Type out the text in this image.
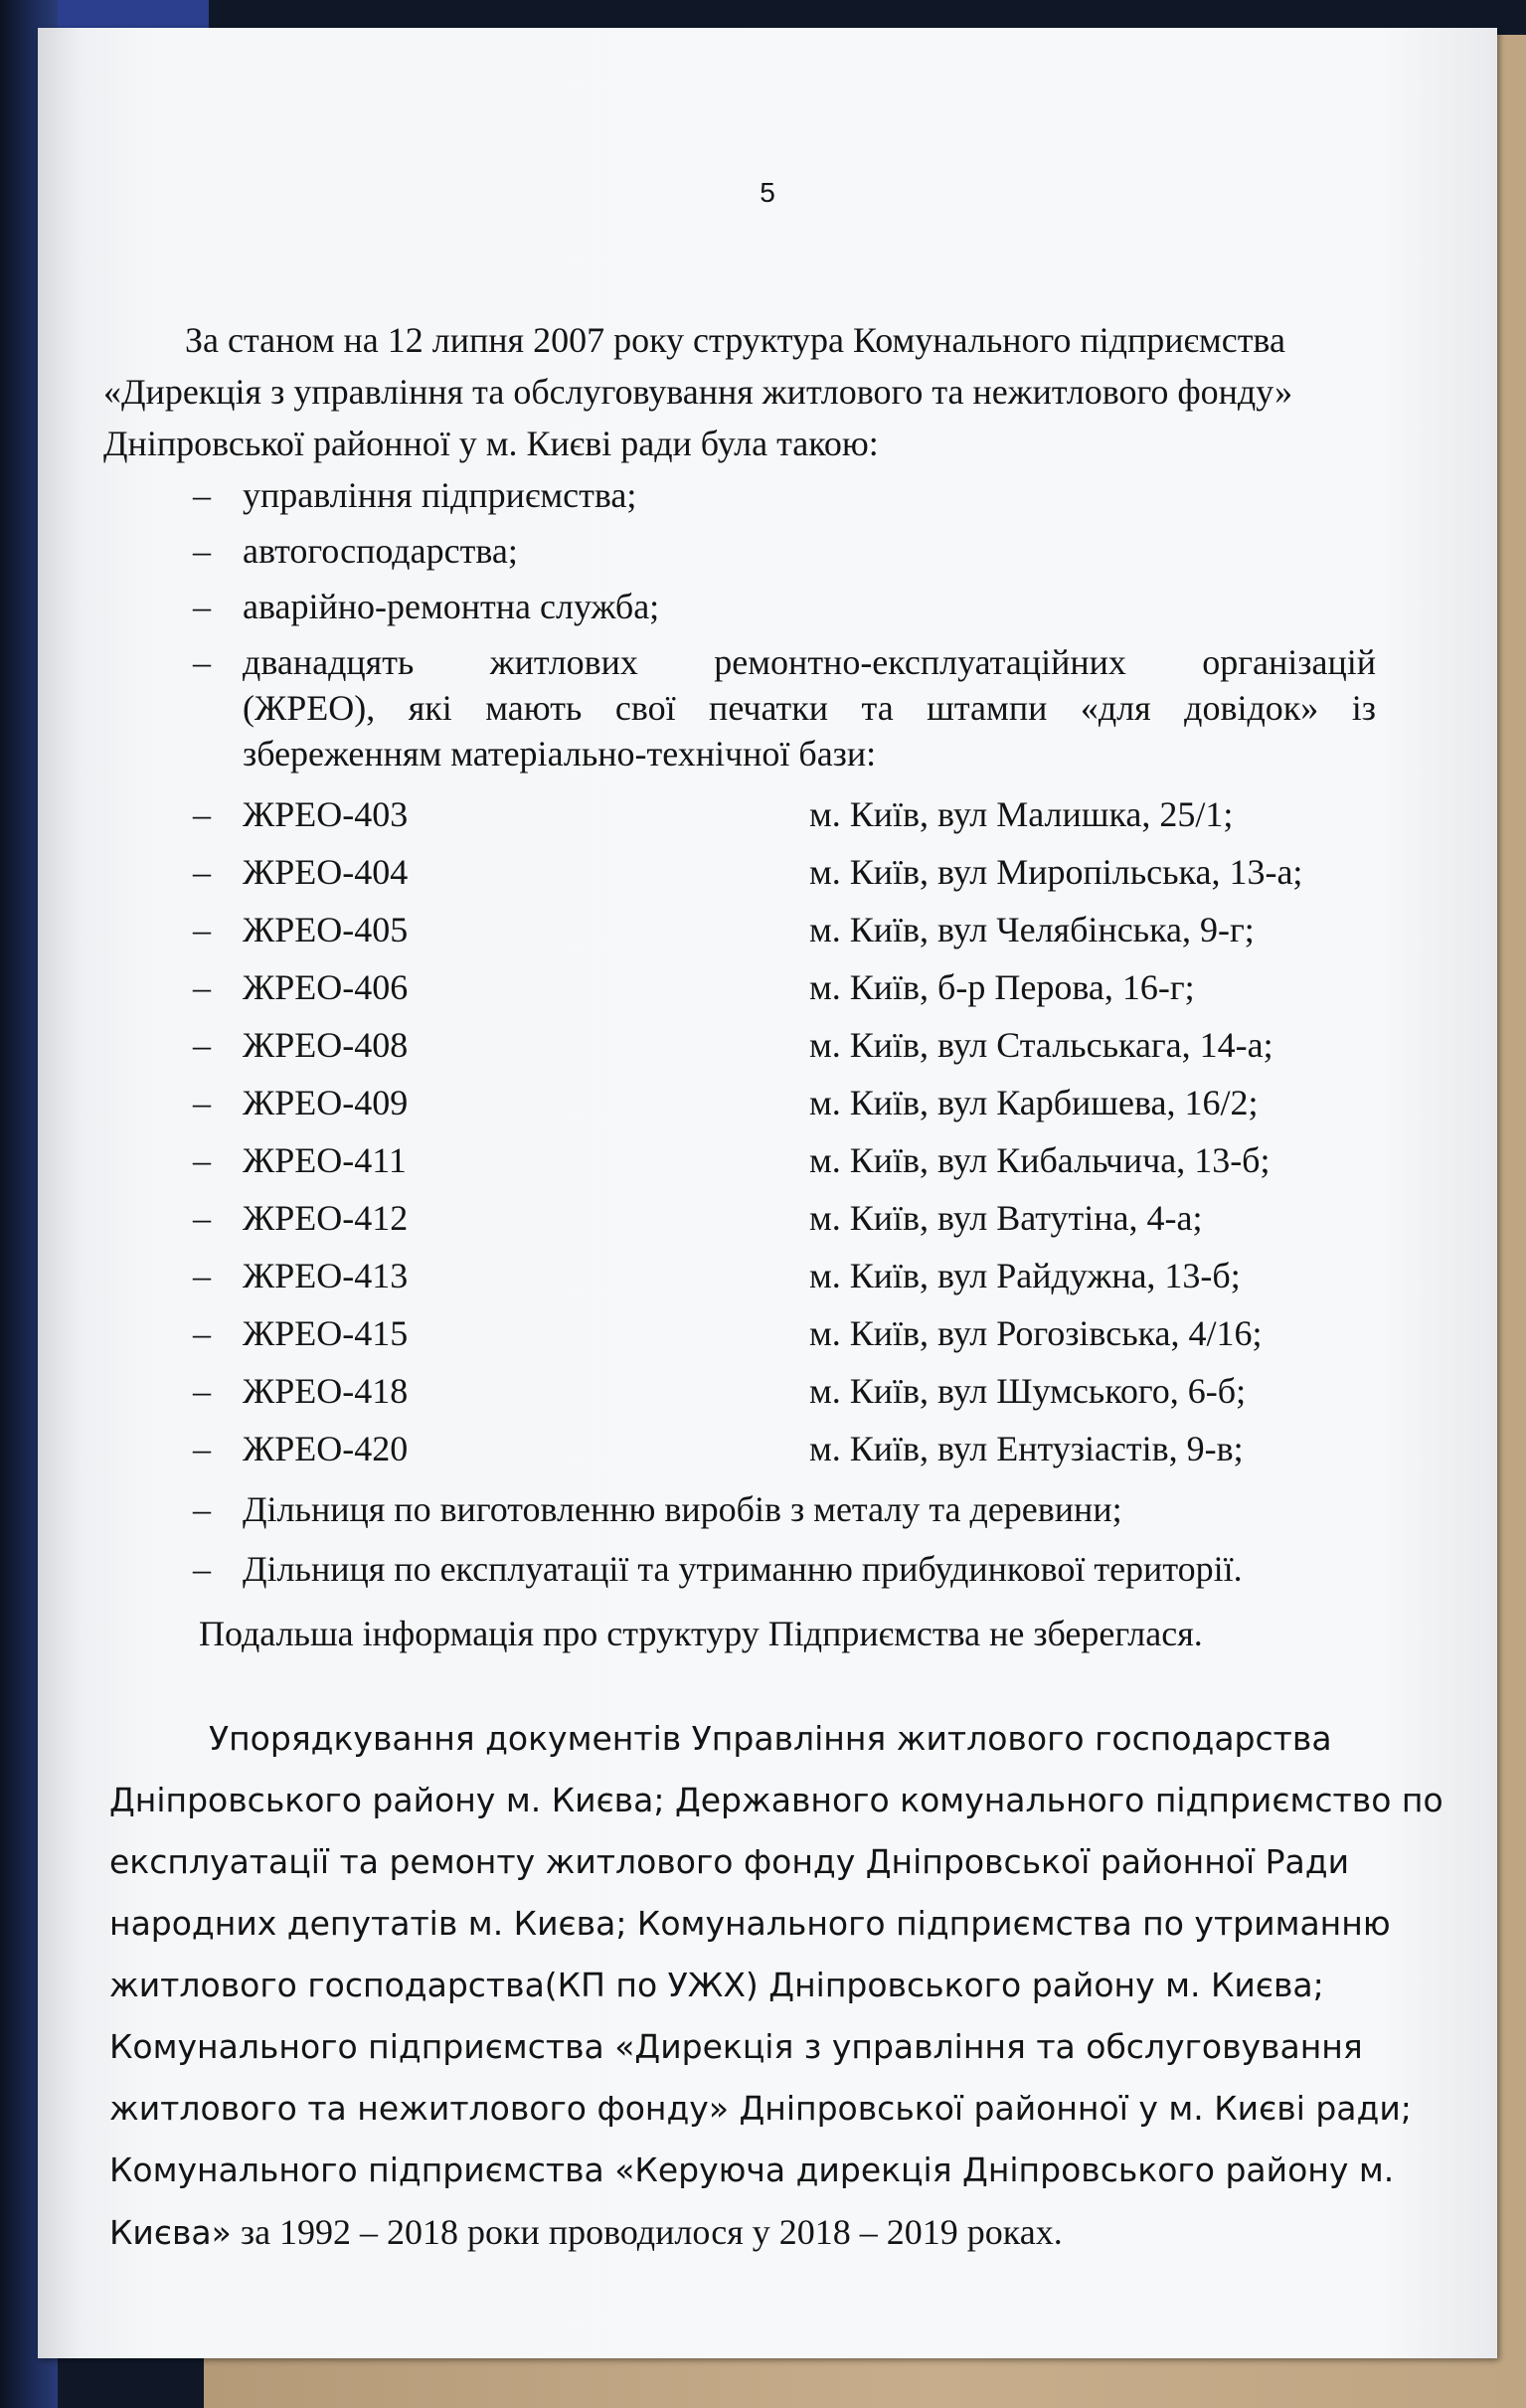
5
За станом на 12 липня 2007 року структура Комунального підприємства
«Дирекція з управління та обслуговування житлового та нежитлового фонду»
Дніпровської районної у м. Києві ради була такою:
– управління підприємства;
– автогосподарства;
– аварійно-ремонтна служба;
– дванадцять житлових ремонтно-експлуатаційних організацій
(ЖРЕО), які мають свої печатки та штампи «для довідок» із
збереженням матеріально-технічної бази:
– ЖРЕО-403	м. Київ, вул Малишка, 25/1;
– ЖРЕО-404	м. Київ, вул Миропільська, 13-а;
– ЖРЕО-405	м. Київ, вул Челябінська, 9-г;
– ЖРЕО-406	м. Київ, б-р Перова, 16-г;
– ЖРЕО-408	м. Київ, вул Стальськага, 14-а;
– ЖРЕО-409	м. Київ, вул Карбишева, 16/2;
– ЖРЕО-411	м. Київ, вул Кибальчича, 13-б;
– ЖРЕО-412	м. Київ, вул Ватутіна, 4-а;
– ЖРЕО-413	м. Київ, вул Райдужна, 13-б;
– ЖРЕО-415	м. Київ, вул Рогозівська, 4/16;
– ЖРЕО-418	м. Київ, вул Шумського, 6-б;
– ЖРЕО-420	м. Київ, вул Ентузіастів, 9-в;
– Дільниця по виготовленню виробів з металу та деревини;
– Дільниця по експлуатації та утриманню прибудинкової території.
Подальша інформація про структуру Підприємства не збереглася.
Упорядкування документів Управління житлового господарства
Дніпровського району м. Києва; Державного комунального підприємство по
експлуатації та ремонту житлового фонду Дніпровської районної Ради
народних депутатів м. Києва; Комунального підприємства по утриманню
житлового господарства(КП по УЖХ) Дніпровського району м. Києва;
Комунального підприємства «Дирекція з управління та обслуговування
житлового та нежитлового фонду» Дніпровської районної у м. Києві ради;
Комунального підприємства «Керуюча дирекція Дніпровського району м.
Києва» за 1992 – 2018 роки проводилося у 2018 – 2019 роках.
